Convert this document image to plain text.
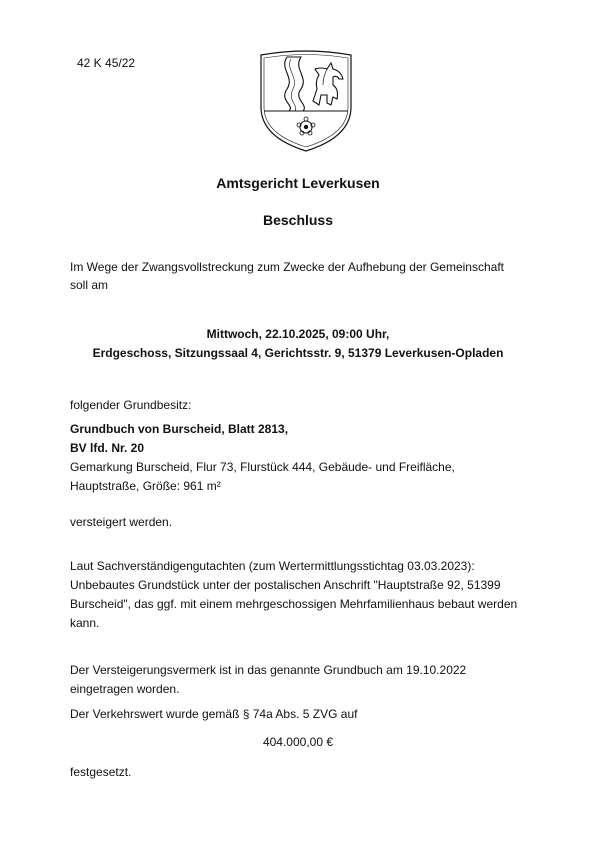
42 K 45/22
Amtsgericht Leverkusen
Beschluss
Im Wege der Zwangsvollstreckung zum Zwecke der Aufhebung der Gemeinschaft
soll am
Mittwoch, 22.10.2025, 09:00 Uhr,
Erdgeschoss, Sitzungssaal 4, Gerichtsstr. 9, 51379 Leverkusen-Opladen
folgender Grundbesitz:
Grundbuch von Burscheid, Blatt 2813,
BV lfd. Nr. 20
Gemarkung Burscheid, Flur 73, Flurstück 444, Gebäude- und Freifläche,
Hauptstraße, Größe: 961 m²
versteigert werden.
Laut Sachverständigengutachten (zum Wertermittlungsstichtag 03.03.2023):
Unbebautes Grundstück unter der postalischen Anschrift "Hauptstraße 92, 51399
Burscheid", das ggf. mit einem mehrgeschossigen Mehrfamilienhaus bebaut werden
kann.
Der Versteigerungsvermerk ist in das genannte Grundbuch am 19.10.2022
eingetragen worden.
Der Verkehrswert wurde gemäß § 74a Abs. 5 ZVG auf
404.000,00 €
festgesetzt.
